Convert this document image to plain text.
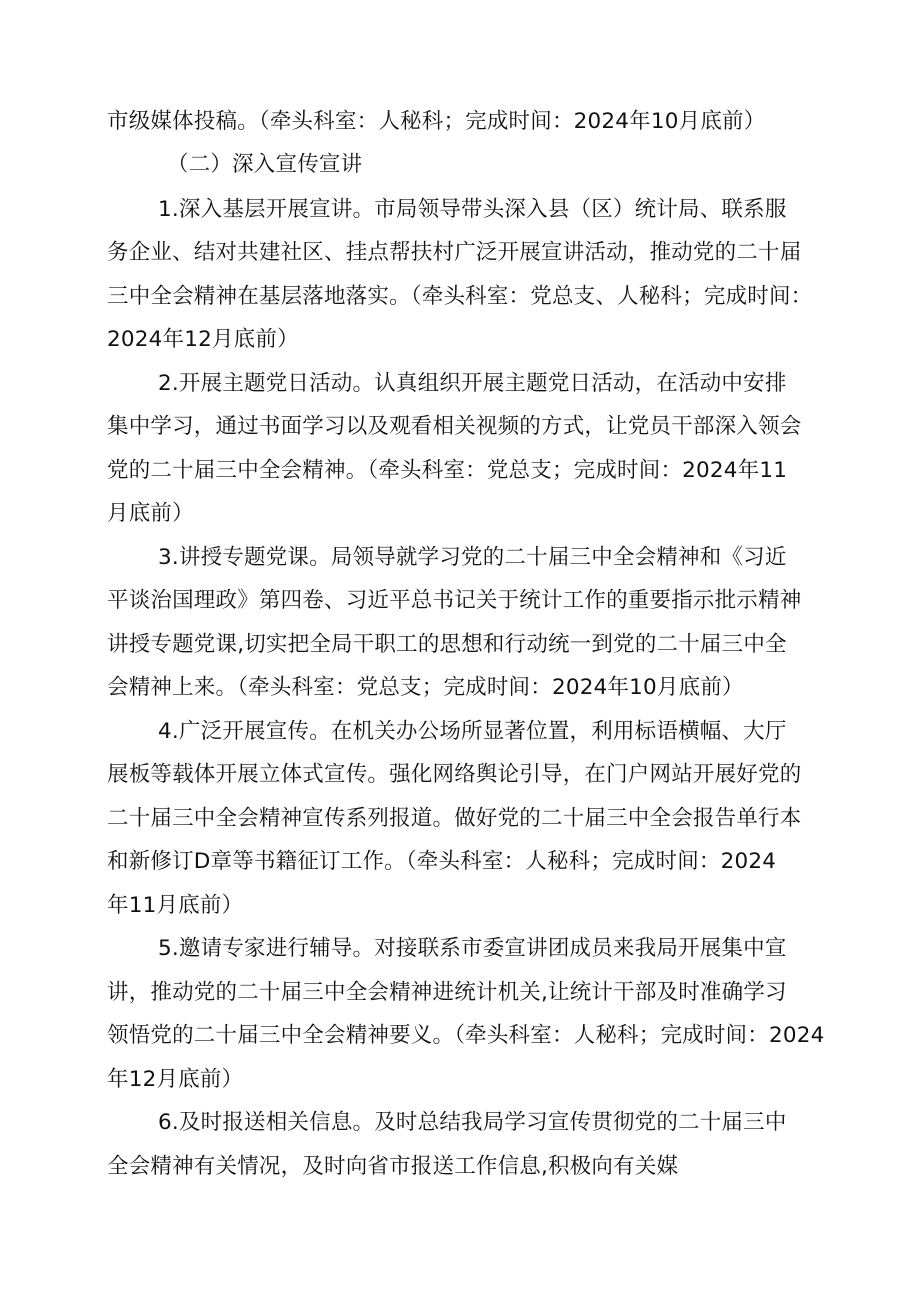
市级媒体投稿。（牵头科室：人秘科；完成时间：2024年10月底前）
（二）深入宣传宣讲
1.深入基层开展宣讲。市局领导带头深入县（区）统计局、联系服
务企业、结对共建社区、挂点帮扶村广泛开展宣讲活动，推动党的二十届
三中全会精神在基层落地落实。（牵头科室：党总支、人秘科；完成时间：
2024年12月底前）
2.开展主题党日活动。认真组织开展主题党日活动，在活动中安排
集中学习，通过书面学习以及观看相关视频的方式，让党员干部深入领会
党的二十届三中全会精神。（牵头科室：党总支；完成时间：2024年11
月底前）
3.讲授专题党课。局领导就学习党的二十届三中全会精神和《习近
平谈治国理政》第四卷、习近平总书记关于统计工作的重要指示批示精神
讲授专题党课,切实把全局干职工的思想和行动统一到党的二十届三中全
会精神上来。（牵头科室：党总支；完成时间：2024年10月底前）
4.广泛开展宣传。在机关办公场所显著位置，利用标语横幅、大厅
展板等载体开展立体式宣传。强化网络舆论引导，在门户网站开展好党的
二十届三中全会精神宣传系列报道。做好党的二十届三中全会报告单行本
和新修订D章等书籍征订工作。（牵头科室：人秘科；完成时间：2024
年11月底前）
5.邀请专家进行辅导。对接联系市委宣讲团成员来我局开展集中宣
讲，推动党的二十届三中全会精神进统计机关,让统计干部及时准确学习
领悟党的二十届三中全会精神要义。（牵头科室：人秘科；完成时间：2024
年12月底前）
6.及时报送相关信息。及时总结我局学习宣传贯彻党的二十届三中
全会精神有关情况，及时向省市报送工作信息,积极向有关媒
